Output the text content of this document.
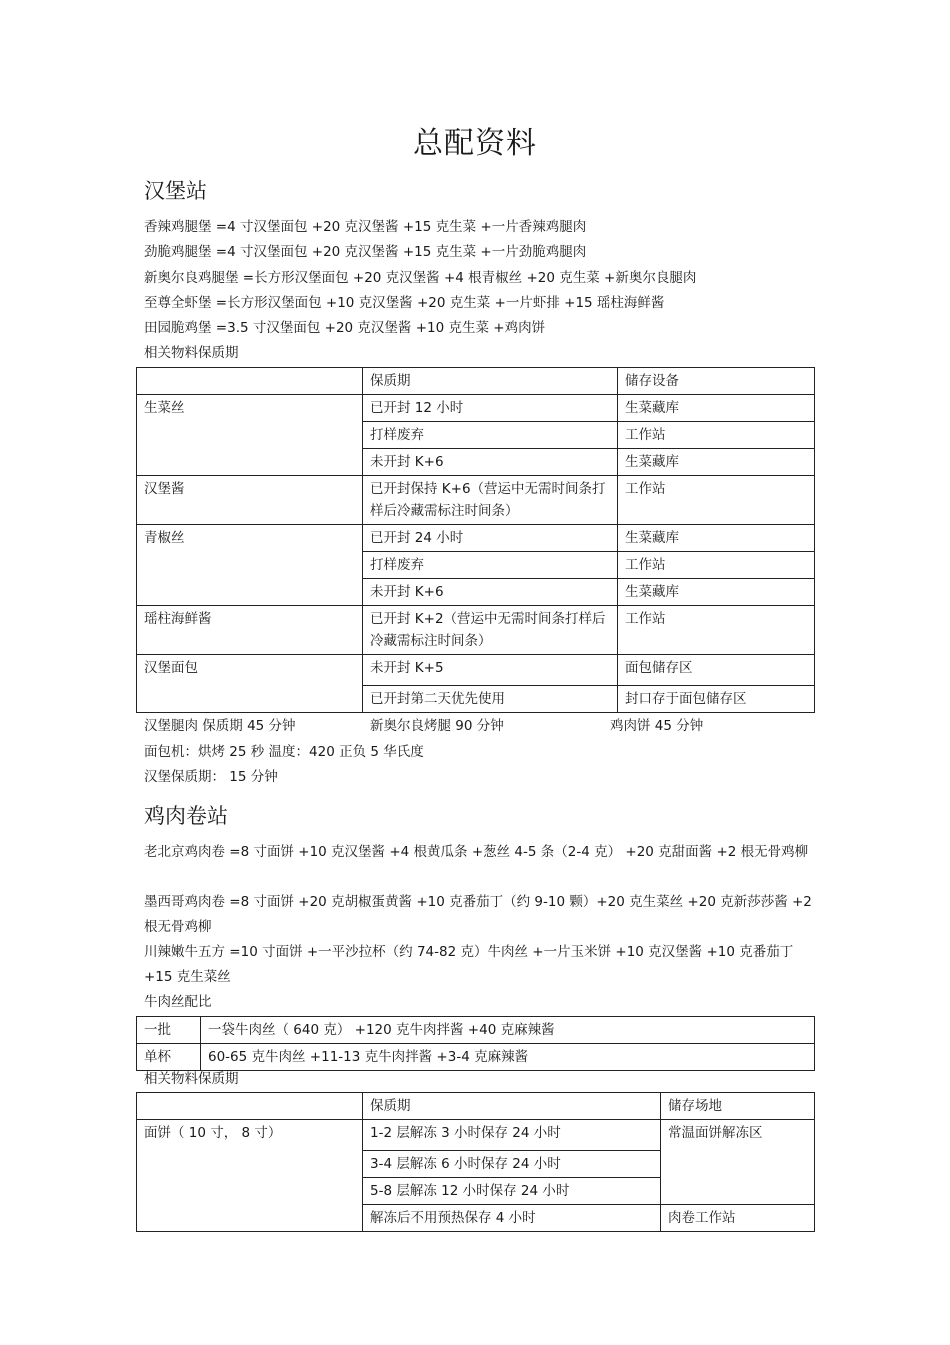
总配资料
汉堡站
香辣鸡腿堡 =4 寸汉堡面包 +20 克汉堡酱 +15 克生菜 +一片香辣鸡腿肉
劲脆鸡腿堡 =4 寸汉堡面包 +20 克汉堡酱 +15 克生菜 +一片劲脆鸡腿肉
新奥尔良鸡腿堡 =长方形汉堡面包 +20 克汉堡酱 +4 根青椒丝 +20 克生菜 +新奥尔良腿肉
至尊全虾堡 =长方形汉堡面包 +10 克汉堡酱 +20 克生菜 +一片虾排 +15 瑶柱海鲜酱
田园脆鸡堡 =3.5 寸汉堡面包 +20 克汉堡酱 +10 克生菜 +鸡肉饼
相关物料保质期
	保质期	储存设备
生菜丝	已开封 12 小时	生菜藏库
	打样废弃	工作站
	未开封 K+6	生菜藏库
汉堡酱	已开封保持 K+6（营运中无需时间条打样后冷藏需标注时间条）	工作站
青椒丝	已开封 24 小时	生菜藏库
	打样废弃	工作站
	未开封 K+6	生菜藏库
瑶柱海鲜酱	已开封 K+2（营运中无需时间条打样后冷藏需标注时间条）	工作站
汉堡面包	未开封 K+5	面包储存区
	已开封第二天优先使用	封口存于面包储存区
汉堡腿肉 保质期 45 分钟	新奥尔良烤腿 90 分钟	鸡肉饼 45 分钟
面包机：烘烤 25 秒 温度：420 正负 5 华氏度
汉堡保质期： 15 分钟
鸡肉卷站
老北京鸡肉卷 =8 寸面饼 +10 克汉堡酱 +4 根黄瓜条 +葱丝 4-5 条（2-4 克） +20 克甜面酱 +2 根无骨鸡柳
墨西哥鸡肉卷 =8 寸面饼 +20 克胡椒蛋黄酱 +10 克番茄丁（约 9-10 颗）+20 克生菜丝 +20 克新莎莎酱 +2 根无骨鸡柳
川辣嫩牛五方 =10 寸面饼 +一平沙拉杯（约 74-82 克）牛肉丝 +一片玉米饼 +10 克汉堡酱 +10 克番茄丁 +15 克生菜丝
牛肉丝配比
一批	一袋牛肉丝（ 640 克） +120 克牛肉拌酱 +40 克麻辣酱
单杯	60-65 克牛肉丝 +11-13 克牛肉拌酱 +3-4 克麻辣酱
相关物料保质期
	保质期	储存场地
面饼（ 10 寸， 8 寸）	1-2 层解冻 3 小时保存 24 小时	常温面饼解冻区
	3-4 层解冻 6 小时保存 24 小时	
	5-8 层解冻 12 小时保存 24 小时	
	解冻后不用预热保存 4 小时	肉卷工作站
